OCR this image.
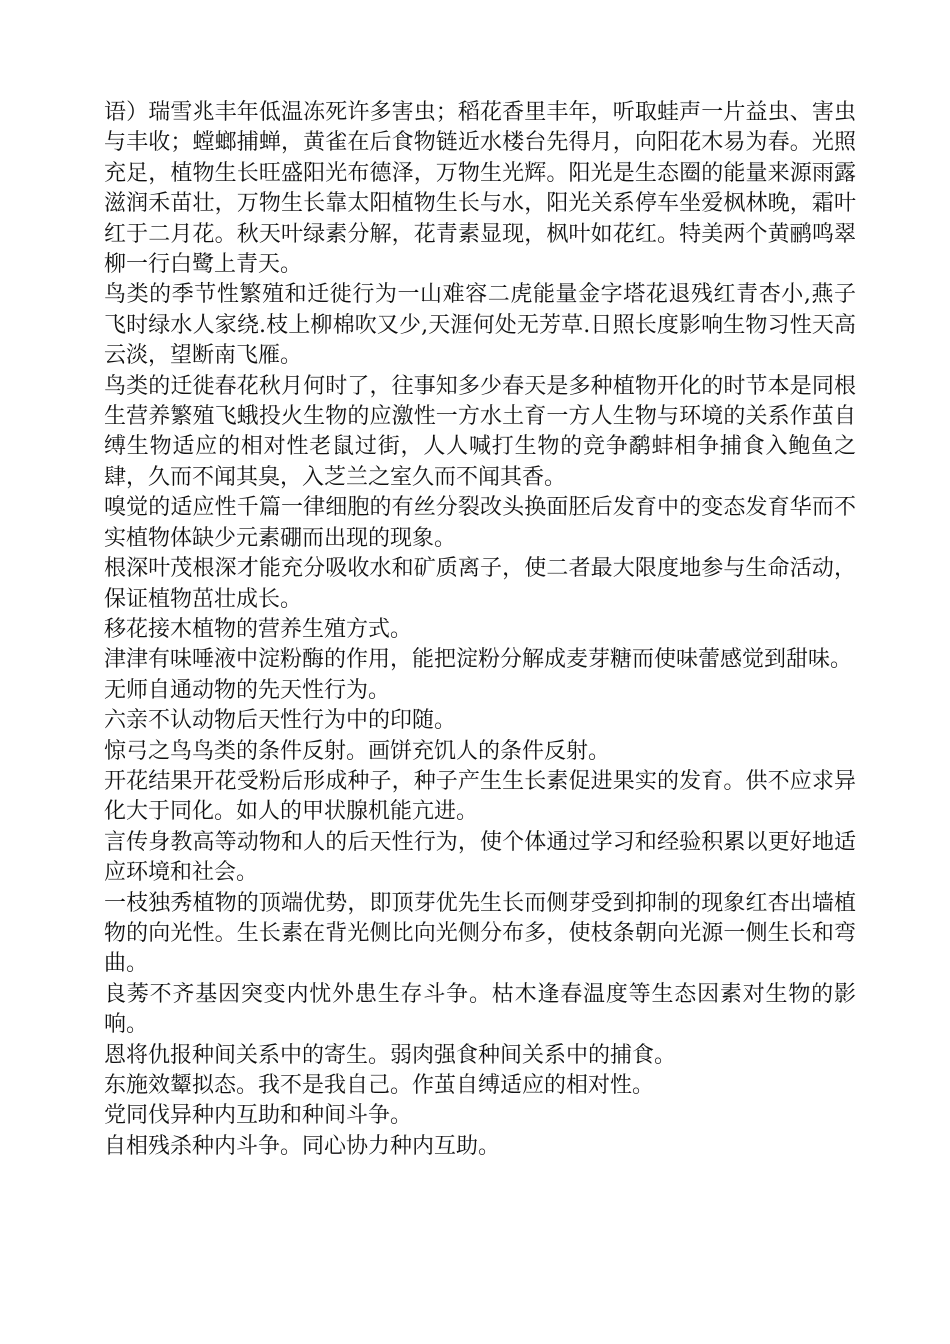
语）瑞雪兆丰年低温冻死许多害虫；稻花香里丰年，听取蛙声一片益虫、害虫与丰收；螳螂捕蝉，黄雀在后食物链近水楼台先得月，向阳花木易为春。光照充足，植物生长旺盛阳光布德泽，万物生光辉。阳光是生态圈的能量来源雨露滋润禾苗壮，万物生长靠太阳植物生长与水，阳光关系停车坐爱枫林晚，霜叶红于二月花。秋天叶绿素分解，花青素显现，枫叶如花红。特美两个黄鹂鸣翠柳一行白鹭上青天。

鸟类的季节性繁殖和迁徙行为一山难容二虎能量金字塔花退残红青杏小,燕子飞时绿水人家绕.枝上柳棉吹又少,天涯何处无芳草.日照长度影响生物习性天高云淡，望断南飞雁。

鸟类的迁徙春花秋月何时了，往事知多少春天是多种植物开化的时节本是同根生营养繁殖飞蛾投火生物的应激性一方水土育一方人生物与环境的关系作茧自缚生物适应的相对性老鼠过街，人人喊打生物的竞争鹬蚌相争捕食入鲍鱼之肆，久而不闻其臭，入芝兰之室久而不闻其香。

嗅觉的适应性千篇一律细胞的有丝分裂改头换面胚后发育中的变态发育华而不实植物体缺少元素硼而出现的现象。

根深叶茂根深才能充分吸收水和矿质离子，使二者最大限度地参与生命活动，保证植物茁壮成长。

移花接木植物的营养生殖方式。

津津有味唾液中淀粉酶的作用，能把淀粉分解成麦芽糖而使味蕾感觉到甜味。

无师自通动物的先天性行为。

六亲不认动物后天性行为中的印随。

惊弓之鸟鸟类的条件反射。画饼充饥人的条件反射。

开花结果开花受粉后形成种子，种子产生生长素促进果实的发育。供不应求异化大于同化。如人的甲状腺机能亢进。

言传身教高等动物和人的后天性行为，使个体通过学习和经验积累以更好地适应环境和社会。

一枝独秀植物的顶端优势，即顶芽优先生长而侧芽受到抑制的现象红杏出墙植物的向光性。生长素在背光侧比向光侧分布多，使枝条朝向光源一侧生长和弯曲。

良莠不齐基因突变内忧外患生存斗争。枯木逢春温度等生态因素对生物的影响。

恩将仇报种间关系中的寄生。弱肉强食种间关系中的捕食。

东施效颦拟态。我不是我自己。作茧自缚适应的相对性。

党同伐异种内互助和种间斗争。

自相残杀种内斗争。同心协力种内互助。
